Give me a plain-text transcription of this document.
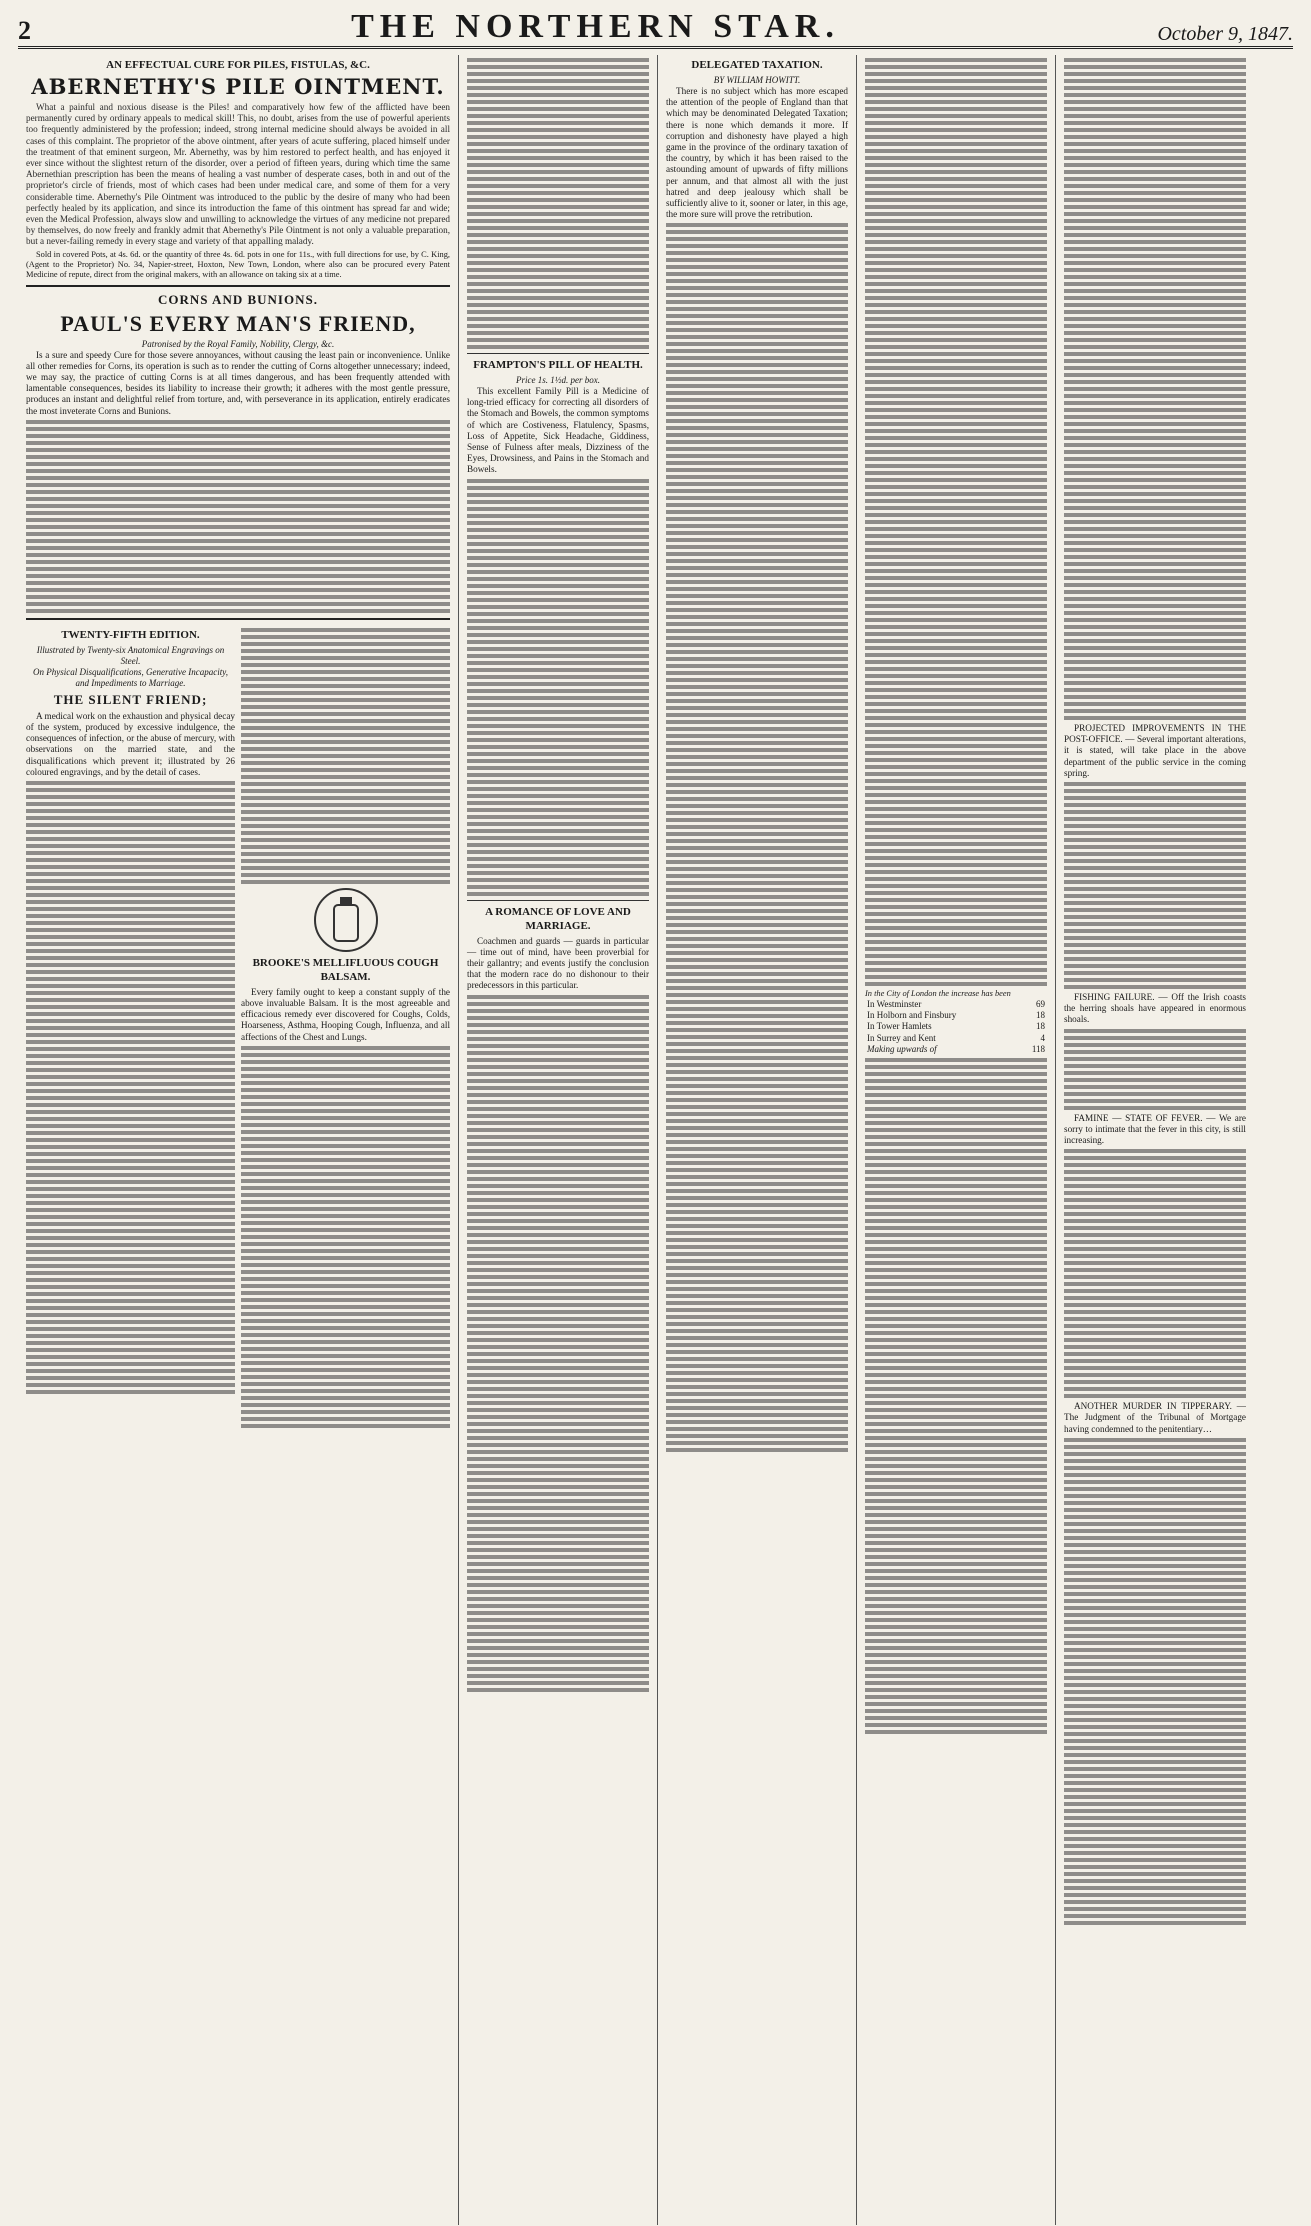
2	THE NORTHERN STAR.	October 9, 1847.
AN EFFECTUAL CURE FOR PILES, FISTULAS, &C.
ABERNETHY'S PILE OINTMENT.

What a painful and noxious disease is the Piles! and comparatively how few of the afflicted have been permanently cured by ordinary appeals to medical skill! This, no doubt, arises from the use of powerful aperients too frequently administered by the profession; indeed, strong internal medicine should always be avoided in all cases of this complaint. The proprietor of the above ointment, after years of acute suffering, placed himself under the treatment of that eminent surgeon, Mr. Abernethy, was by him restored to perfect health, and has enjoyed it ever since without the slightest return of the disorder, over a period of fifteen years, during which time the same Abernethian prescription has been the means of healing a vast number of desperate cases, both in and out of the proprietor's circle of friends, most of which cases had been under medical care, and some of them for a very considerable time. Abernethy's Pile Ointment was introduced to the public by the desire of many who had been perfectly healed by its application, and since its introduction the fame of this ointment has spread far and wide; even the Medical Profession, always slow and unwilling to acknowledge the virtues of any medicine not prepared by themselves, do now freely and frankly admit that Abernethy's Pile Ointment is not only a valuable preparation, but a never-failing remedy in every stage and variety of that appalling malady.

Sold in covered Pots, at 4s. 6d. or the quantity of three 4s. 6d. pots in one for 11s., with full directions for use, by C. King, (Agent to the Proprietor) No. 34, Napier-street, Hoxton, New Town, London, where also can be procured every Patent Medicine of repute, direct from the original makers, with an allowance on taking six at a time.

CORNS AND BUNIONS.
PAUL'S EVERY MAN'S FRIEND,
Patronised by the Royal Family, Nobility, Clergy, &c.

Is a sure and speedy Cure for those severe annoyances, without causing the least pain or inconvenience. Unlike all other remedies for Corns, its operation is such as to render the cutting of Corns altogether unnecessary; indeed, we may say, the practice of cutting Corns is at all times dangerous, and has been frequently attended with lamentable consequences, besides its liability to increase their growth; it adheres with the most gentle pressure, produces an instant and delightful relief from torture, and, with perseverance in its application, entirely eradicates the most inveterate Corns and Bunions.

TWENTY-FIFTH EDITION.
Illustrated by Twenty-six Anatomical Engravings on Steel.
On Physical Disqualifications, Generative Incapacity, and Impediments to Marriage.
THE SILENT FRIEND;

A medical work on the exhaustion and physical decay of the system, produced by excessive indulgence, the consequences of infection, or the abuse of mercury, with observations on the married state, and the disqualifications which prevent it; illustrated by 26 coloured engravings, and by the detail of cases.

BROOKE'S MELLIFLUOUS COUGH BALSAM.

Every family ought to keep a constant supply of the above invaluable Balsam. It is the most agreeable and efficacious remedy ever discovered for Coughs, Colds, Hoarseness, Asthma, Hooping Cough, Influenza, and all affections of the Chest and Lungs.

FRAMPTON'S PILL OF HEALTH.
Price 1s. 1½d. per box.

This excellent Family Pill is a Medicine of long-tried efficacy for correcting all disorders of the Stomach and Bowels, the common symptoms of which are Costiveness, Flatulency, Spasms, Loss of Appetite, Sick Headache, Giddiness, Sense of Fulness after meals, Dizziness of the Eyes, Drowsiness, and Pains in the Stomach and Bowels.

A ROMANCE OF LOVE AND MARRIAGE.

Coachmen and guards — guards in particular — time out of mind, have been proverbial for their gallantry; and events justify the conclusion that the modern race do no dishonour to their predecessors in this particular.

DELEGATED TAXATION.
BY WILLIAM HOWITT.

There is no subject which has more escaped the attention of the people of England than that which may be denominated Delegated Taxation; there is none which demands it more. If corruption and dishonesty have played a high game in the province of the ordinary taxation of the country, by which it has been raised to the astounding amount of upwards of fifty millions per annum, and that almost all with the just hatred and deep jealousy which shall be sufficiently alive to it, sooner or later, in this age, the more sure will prove the retribution.

In the City of London the increase has been
In Westminster	69
In Holborn and Finsbury	18
In Tower Hamlets	18
In Surrey and Kent	4
Making upwards of	118

PROJECTED IMPROVEMENTS IN THE POST-OFFICE. — Several important alterations, it is stated, will take place in the above department of the public service in the coming spring.

FISHING FAILURE. — Off the Irish coasts the herring shoals have appeared in enormous shoals.

FAMINE — STATE OF FEVER. — We are sorry to intimate that the fever in this city, is still increasing.

ANOTHER MURDER IN TIPPERARY. — The Judgment of the Tribunal of Mortgage having condemned to the penitentiary…
